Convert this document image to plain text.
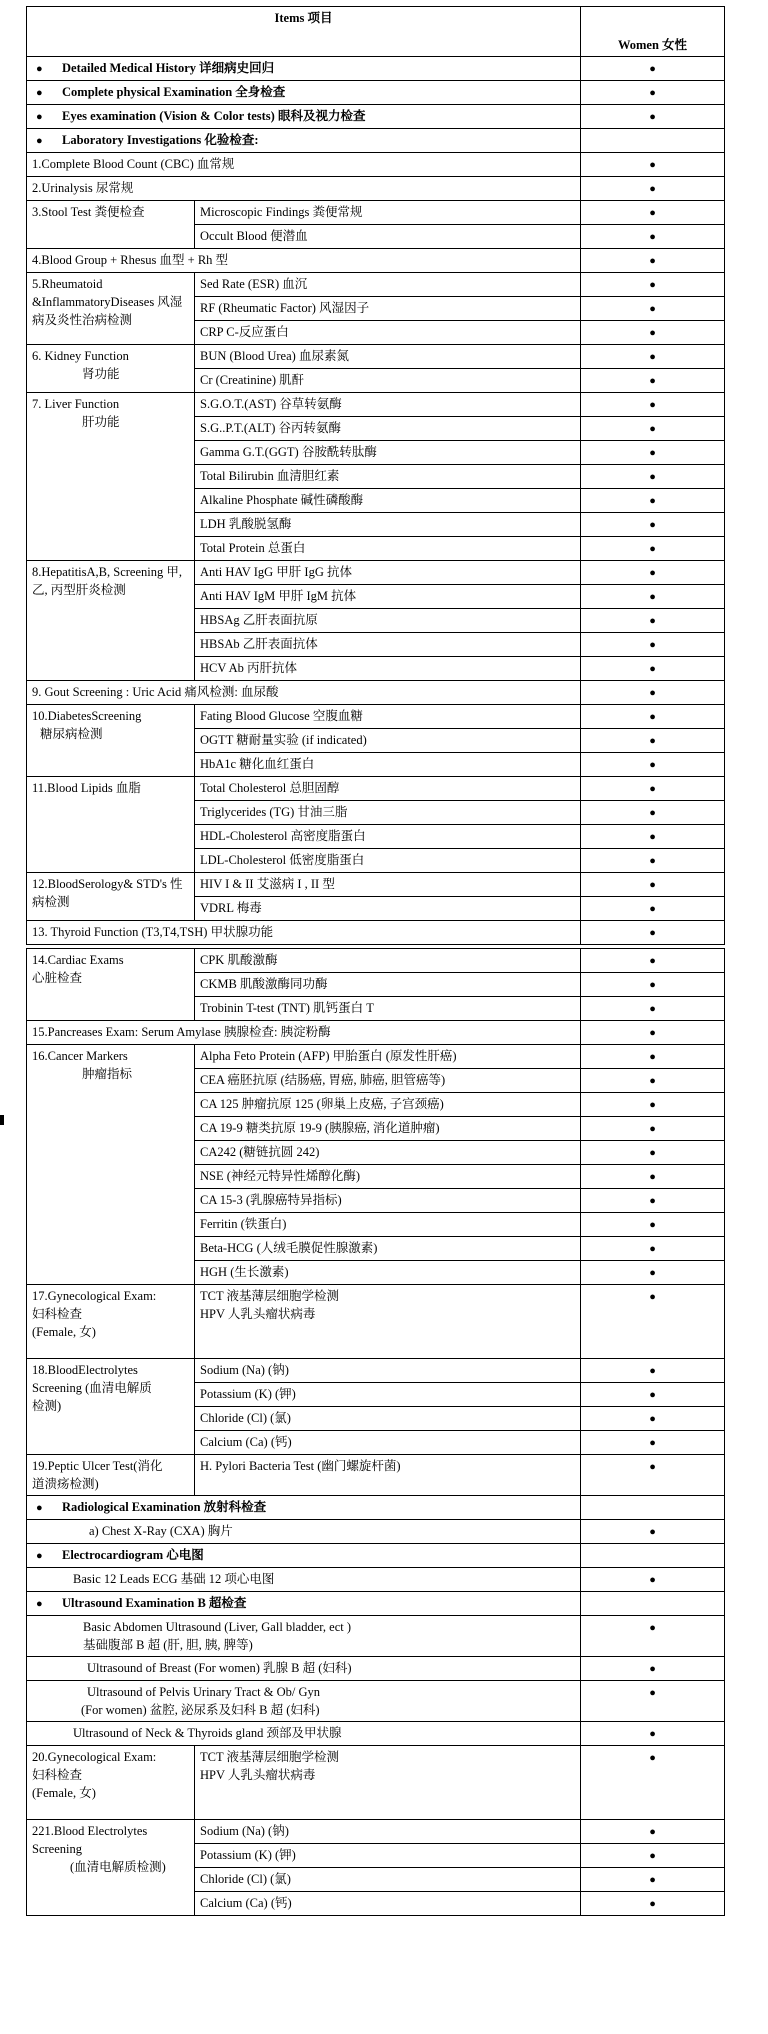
Items 项目		Women 女性
● Detailed Medical History 详细病史回归		●
● Complete physical Examination 全身检查		●
● Eyes examination (Vision & Color tests) 眼科及视力检查		●
● Laboratory Investigations 化验检查:		
1.Complete Blood Count (CBC) 血常规		●
2.Urinalysis 尿常规		●
3.Stool Test 粪便检查	Microscopic Findings 粪便常规	●
	Occult Blood 便潜血	●
4.Blood Group + Rhesus 血型 + Rh 型		●
5.Rheumatoid &InflammatoryDiseases 风湿病及炎性治病检测	Sed Rate (ESR) 血沉	●
	RF (Rheumatic Factor) 风湿因子	●
	CRP C-反应蛋白	●
6. Kidney Function
肾功能	BUN (Blood Urea) 血尿素氮	●
	Cr (Creatinine) 肌酐	●
7. Liver Function
肝功能	S.G.O.T.(AST) 谷草转氨酶	●
	S.G..P.T.(ALT) 谷丙转氨酶	●
	Gamma G.T.(GGT) 谷胺酰转肽酶	●
	Total Bilirubin 血清胆红素	●
	Alkaline Phosphate 碱性磷酸酶	●
	LDH 乳酸脱氢酶	●
	Total Protein 总蛋白	●
8.HepatitisA,B, Screening 甲, 乙, 丙型肝炎检测	Anti HAV IgG 甲肝 IgG 抗体	●
	Anti HAV IgM 甲肝 IgM 抗体	●
	HBSAg 乙肝表面抗原	●
	HBSAb 乙肝表面抗体	●
	HCV Ab 丙肝抗体	●
9. Gout Screening : Uric Acid 痛风检测: 血尿酸		●
10.DiabetesScreening
糖尿病检测	Fating Blood Glucose 空腹血糖	●
	OGTT 糖耐量实验 (if indicated)	●
	HbA1c 糖化血红蛋白	●
11.Blood Lipids 血脂	Total Cholesterol 总胆固醇	●
	Triglycerides (TG) 甘油三脂	●
	HDL-Cholesterol 高密度脂蛋白	●
	LDL-Cholesterol 低密度脂蛋白	●
12.BloodSerology& STD's 性病检测	HIV I & II 艾滋病 I , II 型	●
	VDRL 梅毒	●
13. Thyroid Function (T3,T4,TSH) 甲状腺功能		●

14.Cardiac Exams
心脏检查	CPK 肌酸激酶	●
	CKMB 肌酸激酶同功酶	●
	Trobinin T-test (TNT) 肌钙蛋白 T	●
15.Pancreases Exam: Serum Amylase 胰腺检查: 胰淀粉酶		●
16.Cancer Markers
肿瘤指标	Alpha Feto Protein (AFP) 甲胎蛋白 (原发性肝癌)	●
	CEA 癌胚抗原 (结肠癌, 胃癌, 肺癌, 胆管癌等)	●
	CA 125 肿瘤抗原 125 (卵巢上皮癌, 子宫颈癌)	●
	CA 19-9 糖类抗原 19-9 (胰腺癌, 消化道肿瘤)	●
	CA242 (糖链抗圆 242)	●
	NSE (神经元特异性烯醇化酶)	●
	CA 15-3 (乳腺癌特异指标)	●
	Ferritin (铁蛋白)	●
	Beta-HCG (人绒毛膜促性腺激素)	●
	HGH (生长激素)	●
17.Gynecological Exam:
妇科检查
(Female, 女)	TCT 液基薄层细胞学检测
HPV 人乳头瘤状病毒	●
18.BloodElectrolytes
Screening (血清电解质
检测)	Sodium (Na) (钠)	●
	Potassium (K) (钾)	●
	Chloride (Cl) (氯)	●
	Calcium (Ca) (钙)	●
19.Peptic Ulcer Test(消化
道溃疡检测)	H. Pylori Bacteria Test (幽门螺旋杆菌)	●
● Radiological Examination 放射科检查		
a) Chest X-Ray (CXA) 胸片		●
● Electrocardiogram 心电图		
Basic 12 Leads ECG 基础 12 项心电图		●
● Ultrasound Examination B 超检查		
Basic Abdomen Ultrasound (Liver, Gall bladder, ect )
基础腹部 B 超 (肝, 胆, 胰, 脾等)		●
Ultrasound of Breast (For women) 乳腺 B 超 (妇科)		●
Ultrasound of Pelvis Urinary Tract & Ob/ Gyn
(For women) 盆腔, 泌尿系及妇科 B 超 (妇科)		●
Ultrasound of Neck & Thyroids gland 颈部及甲状腺		●
20.Gynecological Exam:
妇科检查
(Female, 女)	TCT 液基薄层细胞学检测
HPV 人乳头瘤状病毒	●
221.Blood Electrolytes
Screening
(血清电解质检测)	Sodium (Na) (钠)	●
	Potassium (K) (钾)	●
	Chloride (Cl) (氯)	●
	Calcium (Ca) (钙)	●
